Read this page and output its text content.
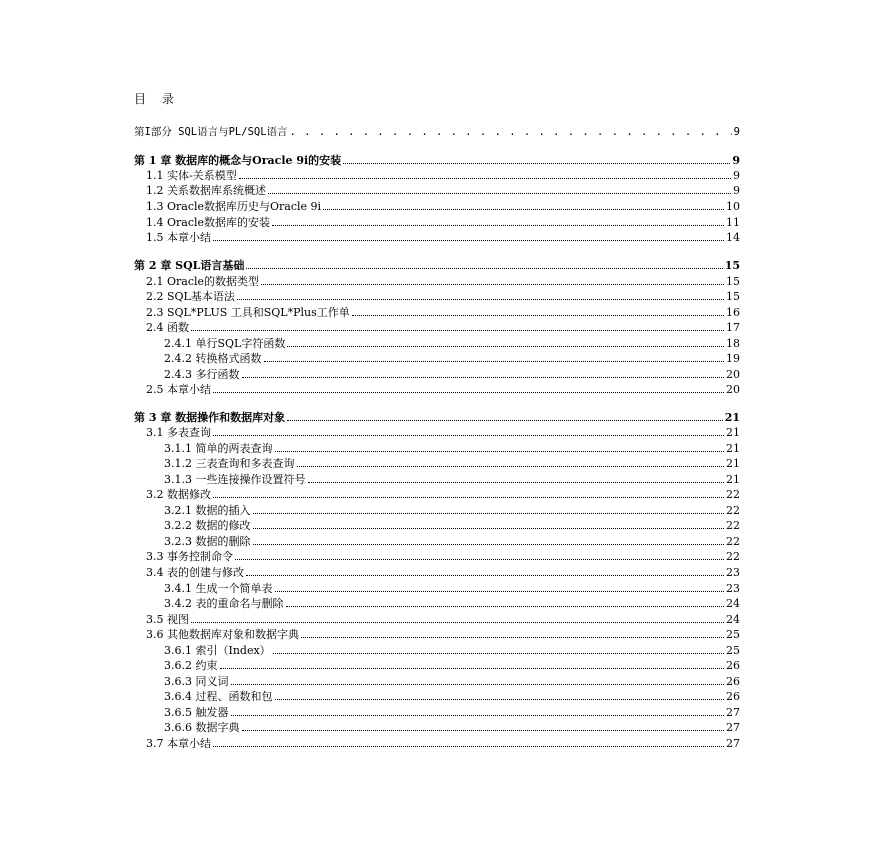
目 录
第I部分 SQL语言与PL/SQL语言 . . .	9
第 1 章 数据库的概念与Oracle 9i的安装	9
1.1 实体-关系模型	9
1.2 关系数据库系统概述	9
1.3 Oracle数据库历史与Oracle 9i	10
1.4 Oracle数据库的安装	11
1.5 本章小结	14
第 2 章 SQL语言基础	15
2.1 Oracle的数据类型	15
2.2 SQL基本语法	15
2.3 SQL*PLUS 工具和SQL*Plus工作单	16
2.4 函数	17
2.4.1 单行SQL字符函数	18
2.4.2 转换格式函数	19
2.4.3 多行函数	20
2.5 本章小结	20
第 3 章 数据操作和数据库对象	21
3.1 多表查询	21
3.1.1 简单的两表查询	21
3.1.2 三表查询和多表查询	21
3.1.3 一些连接操作设置符号	21
3.2 数据修改	22
3.2.1 数据的插入	22
3.2.2 数据的修改	22
3.2.3 数据的删除	22
3.3 事务控制命令	22
3.4 表的创建与修改	23
3.4.1 生成一个简单表	23
3.4.2 表的重命名与删除	24
3.5 视图	24
3.6 其他数据库对象和数据字典	25
3.6.1 索引（Index）	25
3.6.2 约束	26
3.6.3 同义词	26
3.6.4 过程、函数和包	26
3.6.5 触发器	27
3.6.6 数据字典	27
3.7 本章小结	27
